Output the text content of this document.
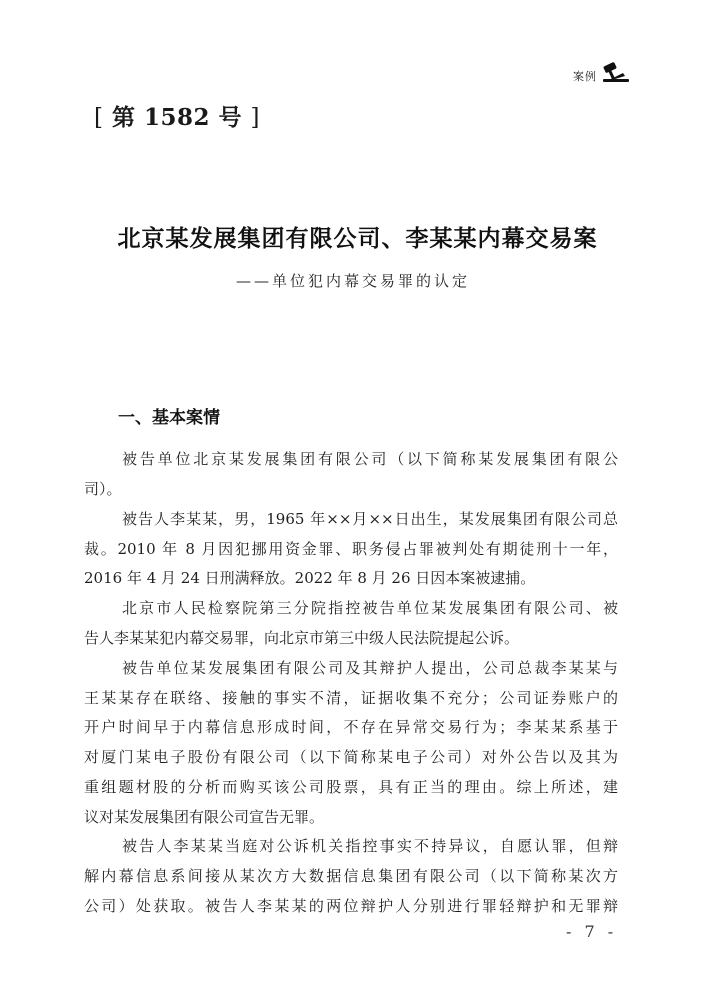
案例
[ 第 1582 号 ]
北京某发展集团有限公司、李某某内幕交易案
——单位犯内幕交易罪的认定
一、基本案情
被告单位北京某发展集团有限公司（以下简称某发展集团有限公
司）。
被告人李某某，男，1965 年××月××日出生，某发展集团有限公司总
裁。2010 年 8 月因犯挪用资金罪、职务侵占罪被判处有期徒刑十一年，
2016 年 4 月 24 日刑满释放。2022 年 8 月 26 日因本案被逮捕。
北京市人民检察院第三分院指控被告单位某发展集团有限公司、被
告人李某某犯内幕交易罪，向北京市第三中级人民法院提起公诉。
被告单位某发展集团有限公司及其辩护人提出，公司总裁李某某与
王某某存在联络、接触的事实不清，证据收集不充分；公司证券账户的
开户时间早于内幕信息形成时间，不存在异常交易行为；李某某系基于
对厦门某电子股份有限公司（以下简称某电子公司）对外公告以及其为
重组题材股的分析而购买该公司股票，具有正当的理由。综上所述，建
议对某发展集团有限公司宣告无罪。
被告人李某某当庭对公诉机关指控事实不持异议，自愿认罪，但辩
解内幕信息系间接从某次方大数据信息集团有限公司（以下简称某次方
公司）处获取。被告人李某某的两位辩护人分别进行罪轻辩护和无罪辩
- 7 -
